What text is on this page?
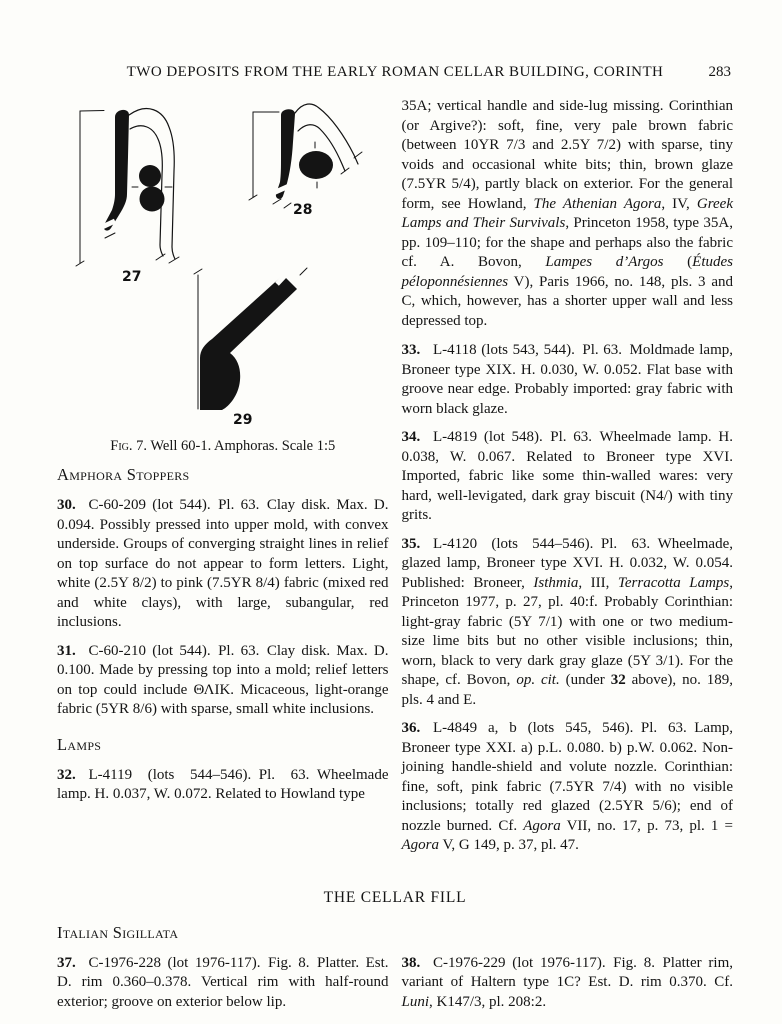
TWO DEPOSITS FROM THE EARLY ROMAN CELLAR BUILDING, CORINTH	283
27
28
29
Fig. 7. Well 60-1. Amphoras. Scale 1:5
Amphora Stoppers

30. C-60-209 (lot 544). Pl. 63. Clay disk. Max. D. 0.094. Possibly pressed into upper mold, with convex underside. Groups of converging straight lines in relief on top surface do not appear to form letters. Light, white (2.5Y 8/2) to pink (7.5YR 8/4) fabric (mixed red and white clays), with large, subangular, red inclusions.

31. C-60-210 (lot 544). Pl. 63. Clay disk. Max. D. 0.100. Made by pressing top into a mold; relief letters on top could include ΘΛΙΚ. Micaceous, light-orange fabric (5YR 8/6) with sparse, small white inclusions.

Lamps

32. L-4119 (lots 544–546). Pl. 63. Wheelmade lamp. H. 0.037, W. 0.072. Related to Howland type

35A; vertical handle and side-lug missing. Corinthian (or Argive?): soft, fine, very pale brown fabric (between 10YR 7/3 and 2.5Y 7/2) with sparse, tiny voids and occasional white bits; thin, brown glaze (7.5YR 5/4), partly black on exterior. For the general form, see Howland, The Athenian Agora, IV, Greek Lamps and Their Survivals, Princeton 1958, type 35A, pp. 109–110; for the shape and perhaps also the fabric cf. A. Bovon, Lampes d’Argos (Études péloponnésiennes V), Paris 1966, no. 148, pls. 3 and C, which, however, has a shorter upper wall and less depressed top.

33. L-4118 (lots 543, 544). Pl. 63. Moldmade lamp, Broneer type XIX. H. 0.030, W. 0.052. Flat base with groove near edge. Probably imported: gray fabric with worn black glaze.

34. L-4819 (lot 548). Pl. 63. Wheelmade lamp. H. 0.038, W. 0.067. Related to Broneer type XVI. Imported, fabric like some thin-walled wares: very hard, well-levigated, dark gray biscuit (N4/) with tiny grits.

35. L-4120 (lots 544–546). Pl. 63. Wheelmade, glazed lamp, Broneer type XVI. H. 0.032, W. 0.054. Published: Broneer, Isthmia, III, Terracotta Lamps, Princeton 1977, p. 27, pl. 40:f. Probably Corinthian: light-gray fabric (5Y 7/1) with one or two medium-size lime bits but no other visible inclusions; thin, worn, black to very dark gray glaze (5Y 3/1). For the shape, cf. Bovon, op. cit. (under 32 above), no. 189, pls. 4 and E.

36. L-4849 a, b (lots 545, 546). Pl. 63. Lamp, Broneer type XXI. a) p.L. 0.080. b) p.W. 0.062. Non-joining handle-shield and volute nozzle. Corinthian: fine, soft, pink fabric (7.5YR 7/4) with no visible inclusions; totally red glazed (2.5YR 5/6); end of nozzle burned. Cf. Agora VII, no. 17, p. 73, pl. 1 = Agora V, G 149, p. 37, pl. 47.

THE CELLAR FILL
Italian Sigillata

37. C-1976-228 (lot 1976-117). Fig. 8. Platter. Est. D. rim 0.360–0.378. Vertical rim with half-round exterior; groove on exterior below lip.

38. C-1976-229 (lot 1976-117). Fig. 8. Platter rim, variant of Haltern type 1C? Est. D. rim 0.370. Cf. Luni, K147/3, pl. 208:2.
